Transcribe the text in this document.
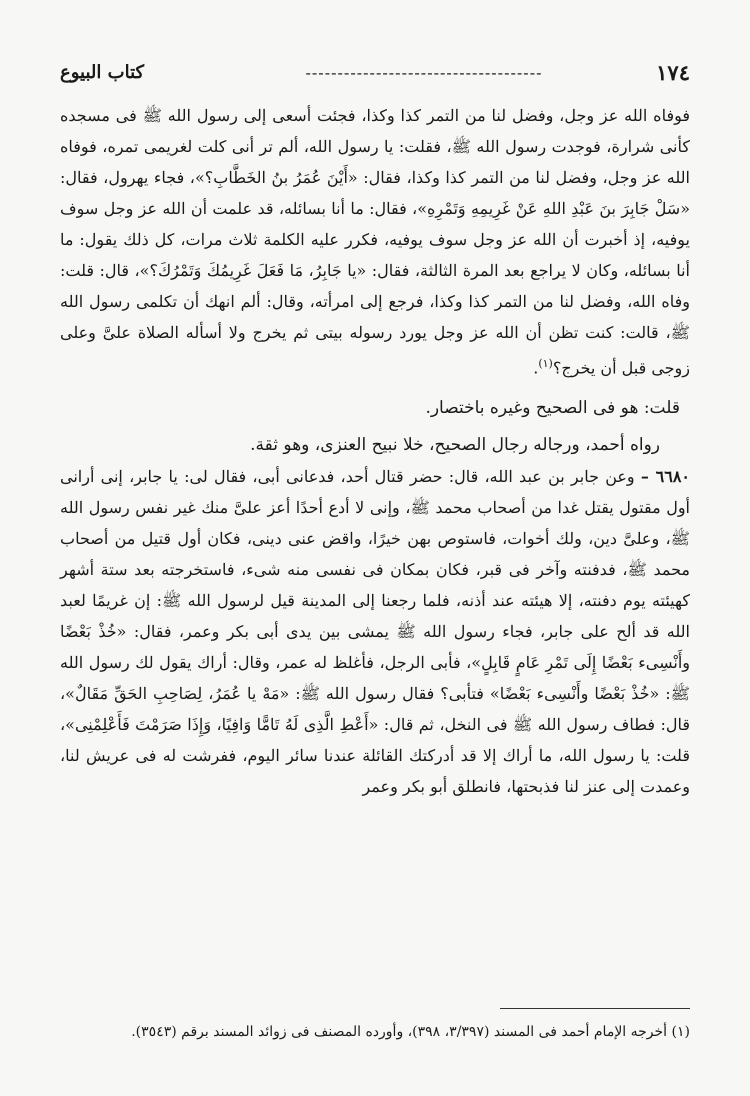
١٧٤
-------------------------------------
كتاب البيوع

فوفاه الله عز وجل، وفضل لنا من التمر كذا وكذا، فجئت أسعى إلى رسول الله ﷺ فى مسجده كأنى شرارة، فوجدت رسول الله ﷺ، فقلت: يا رسول الله، ألم تر أنى كلت لغريمى تمره، فوفاه الله عز وجل، وفضل لنا من التمر كذا وكذا، فقال: «أَيْنَ عُمَرُ بنُ الخَطَّابِ؟»، فجاء يهرول، فقال: «سَلْ جَابِرَ بنَ عَبْدِ اللهِ عَنْ غَرِيمِهِ وَتَمْرِهِ»، فقال: ما أنا بسائله، قد علمت أن الله عز وجل سوف يوفيه، إذ أخبرت أن الله عز وجل سوف يوفيه، فكرر عليه الكلمة ثلاث مرات، كل ذلك يقول: ما أنا بسائله، وكان لا يراجع بعد المرة الثالثة، فقال: «يا جَابِرُ، مَا فَعَلَ غَرِيمُكَ وَتَمْرُكَ؟»، قال: قلت: وفاه الله، وفضل لنا من التمر كذا وكذا، فرجع إلى امرأته، وقال: ألم انهك أن تكلمى رسول الله ﷺ، قالت: كنت تظن أن الله عز وجل يورد رسوله بيتى ثم يخرج ولا أسأله الصلاة علىَّ وعلى زوجى قبل أن يخرج؟$^{(١)}$.

قلت: هو فى الصحيح وغيره باختصار.

رواه أحمد، ورجاله رجال الصحيح، خلا نبيح العنزى، وهو ثقة.

٦٦٨٠ – وعن جابر بن عبد الله، قال: حضر قتال أحد، فدعانى أبى، فقال لى: يا جابر، إنى أرانى أول مقتول يقتل غدا من أصحاب محمد ﷺ، وإنى لا أدع أحدًا أعز علىَّ منك غير نفس رسول الله ﷺ، وعلىَّ دين، ولك أخوات، فاستوص بهن خيرًا، واقض عنى دينى، فكان أول قتيل من أصحاب محمد ﷺ، فدفنته وآخر فى قبر، فكان بمكان فى نفسى منه شىء، فاستخرجته بعد ستة أشهر كهيئته يوم دفنته، إلا هيئته عند أذنه، فلما رجعنا إلى المدينة قيل لرسول الله ﷺ: إن غريمًا لعبد الله قد ألح على جابر، فجاء رسول الله ﷺ يمشى بين يدى أبى بكر وعمر، فقال: «خُذْ بَعْضًا وأَنْسِىء بَعْضًا إِلَى تَمْرِ عَامٍ قَابِلٍ»، فأبى الرجل، فأغلظ له عمر، وقال: أراك يقول لك رسول الله ﷺ: «خُذْ بَعْضًا وأَنْسِىء بَعْضًا» فتأبى؟ فقال رسول الله ﷺ: «مَهْ يا عُمَرُ، لِصَاحِبِ الحَقِّ مَقَالٌ»، قال: فطاف رسول الله ﷺ فى النخل، ثم قال: «أَعْطِ الَّذِى لَهُ تَامًّا وَافِيًا، وَإِذَا صَرَمْتَ فَأَعْلِمْنِى»، قلت: يا رسول الله، ما أراك إلا قد أدركتك القائلة عندنا سائر اليوم، ففرشت له فى عريش لنا، وعمدت إلى عنز لنا فذبحتها، فانطلق أبو بكر وعمر

(١) أخرجه الإمام أحمد فى المسند (٣/٣٩٧، ٣٩٨)، وأورده المصنف فى زوائد المسند برقم (٣٥٤٣).
